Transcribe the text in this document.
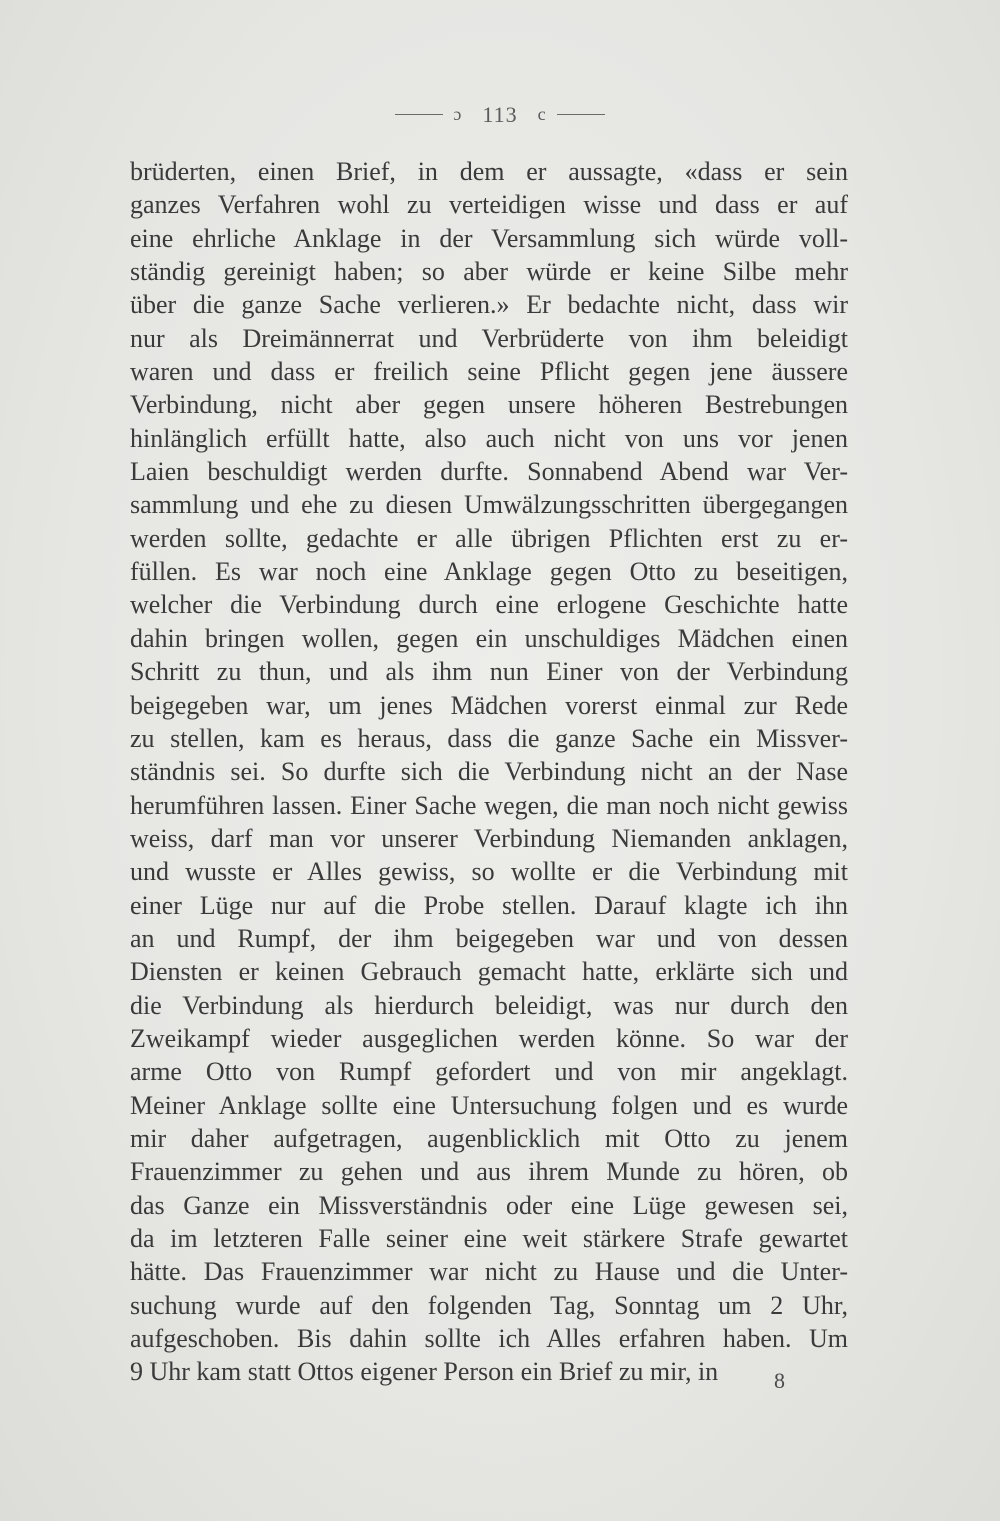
ɔ 113 c
brüderten, einen Brief, in dem er aussagte, «dass er sein
ganzes Verfahren wohl zu verteidigen wisse und dass er auf
eine ehrliche Anklage in der Versammlung sich würde voll-
ständig gereinigt haben; so aber würde er keine Silbe mehr
über die ganze Sache verlieren.» Er bedachte nicht, dass wir
nur als Dreimännerrat und Verbrüderte von ihm beleidigt
waren und dass er freilich seine Pflicht gegen jene äussere
Verbindung, nicht aber gegen unsere höheren Bestrebungen
hinlänglich erfüllt hatte, also auch nicht von uns vor jenen
Laien beschuldigt werden durfte. Sonnabend Abend war Ver-
sammlung und ehe zu diesen Umwälzungsschritten übergegangen
werden sollte, gedachte er alle übrigen Pflichten erst zu er-
füllen. Es war noch eine Anklage gegen Otto zu beseitigen,
welcher die Verbindung durch eine erlogene Geschichte hatte
dahin bringen wollen, gegen ein unschuldiges Mädchen einen
Schritt zu thun, und als ihm nun Einer von der Verbindung
beigegeben war, um jenes Mädchen vorerst einmal zur Rede
zu stellen, kam es heraus, dass die ganze Sache ein Missver-
ständnis sei. So durfte sich die Verbindung nicht an der Nase
herumführen lassen. Einer Sache wegen, die man noch nicht gewiss
weiss, darf man vor unserer Verbindung Niemanden anklagen,
und wusste er Alles gewiss, so wollte er die Verbindung mit
einer Lüge nur auf die Probe stellen. Darauf klagte ich ihn
an und Rumpf, der ihm beigegeben war und von dessen
Diensten er keinen Gebrauch gemacht hatte, erklärte sich und
die Verbindung als hierdurch beleidigt, was nur durch den
Zweikampf wieder ausgeglichen werden könne. So war der
arme Otto von Rumpf gefordert und von mir angeklagt.
Meiner Anklage sollte eine Untersuchung folgen und es wurde
mir daher aufgetragen, augenblicklich mit Otto zu jenem
Frauenzimmer zu gehen und aus ihrem Munde zu hören, ob
das Ganze ein Missverständnis oder eine Lüge gewesen sei,
da im letzteren Falle seiner eine weit stärkere Strafe gewartet
hätte. Das Frauenzimmer war nicht zu Hause und die Unter-
suchung wurde auf den folgenden Tag, Sonntag um 2 Uhr,
aufgeschoben. Bis dahin sollte ich Alles erfahren haben. Um
9 Uhr kam statt Ottos eigener Person ein Brief zu mir, in	8
